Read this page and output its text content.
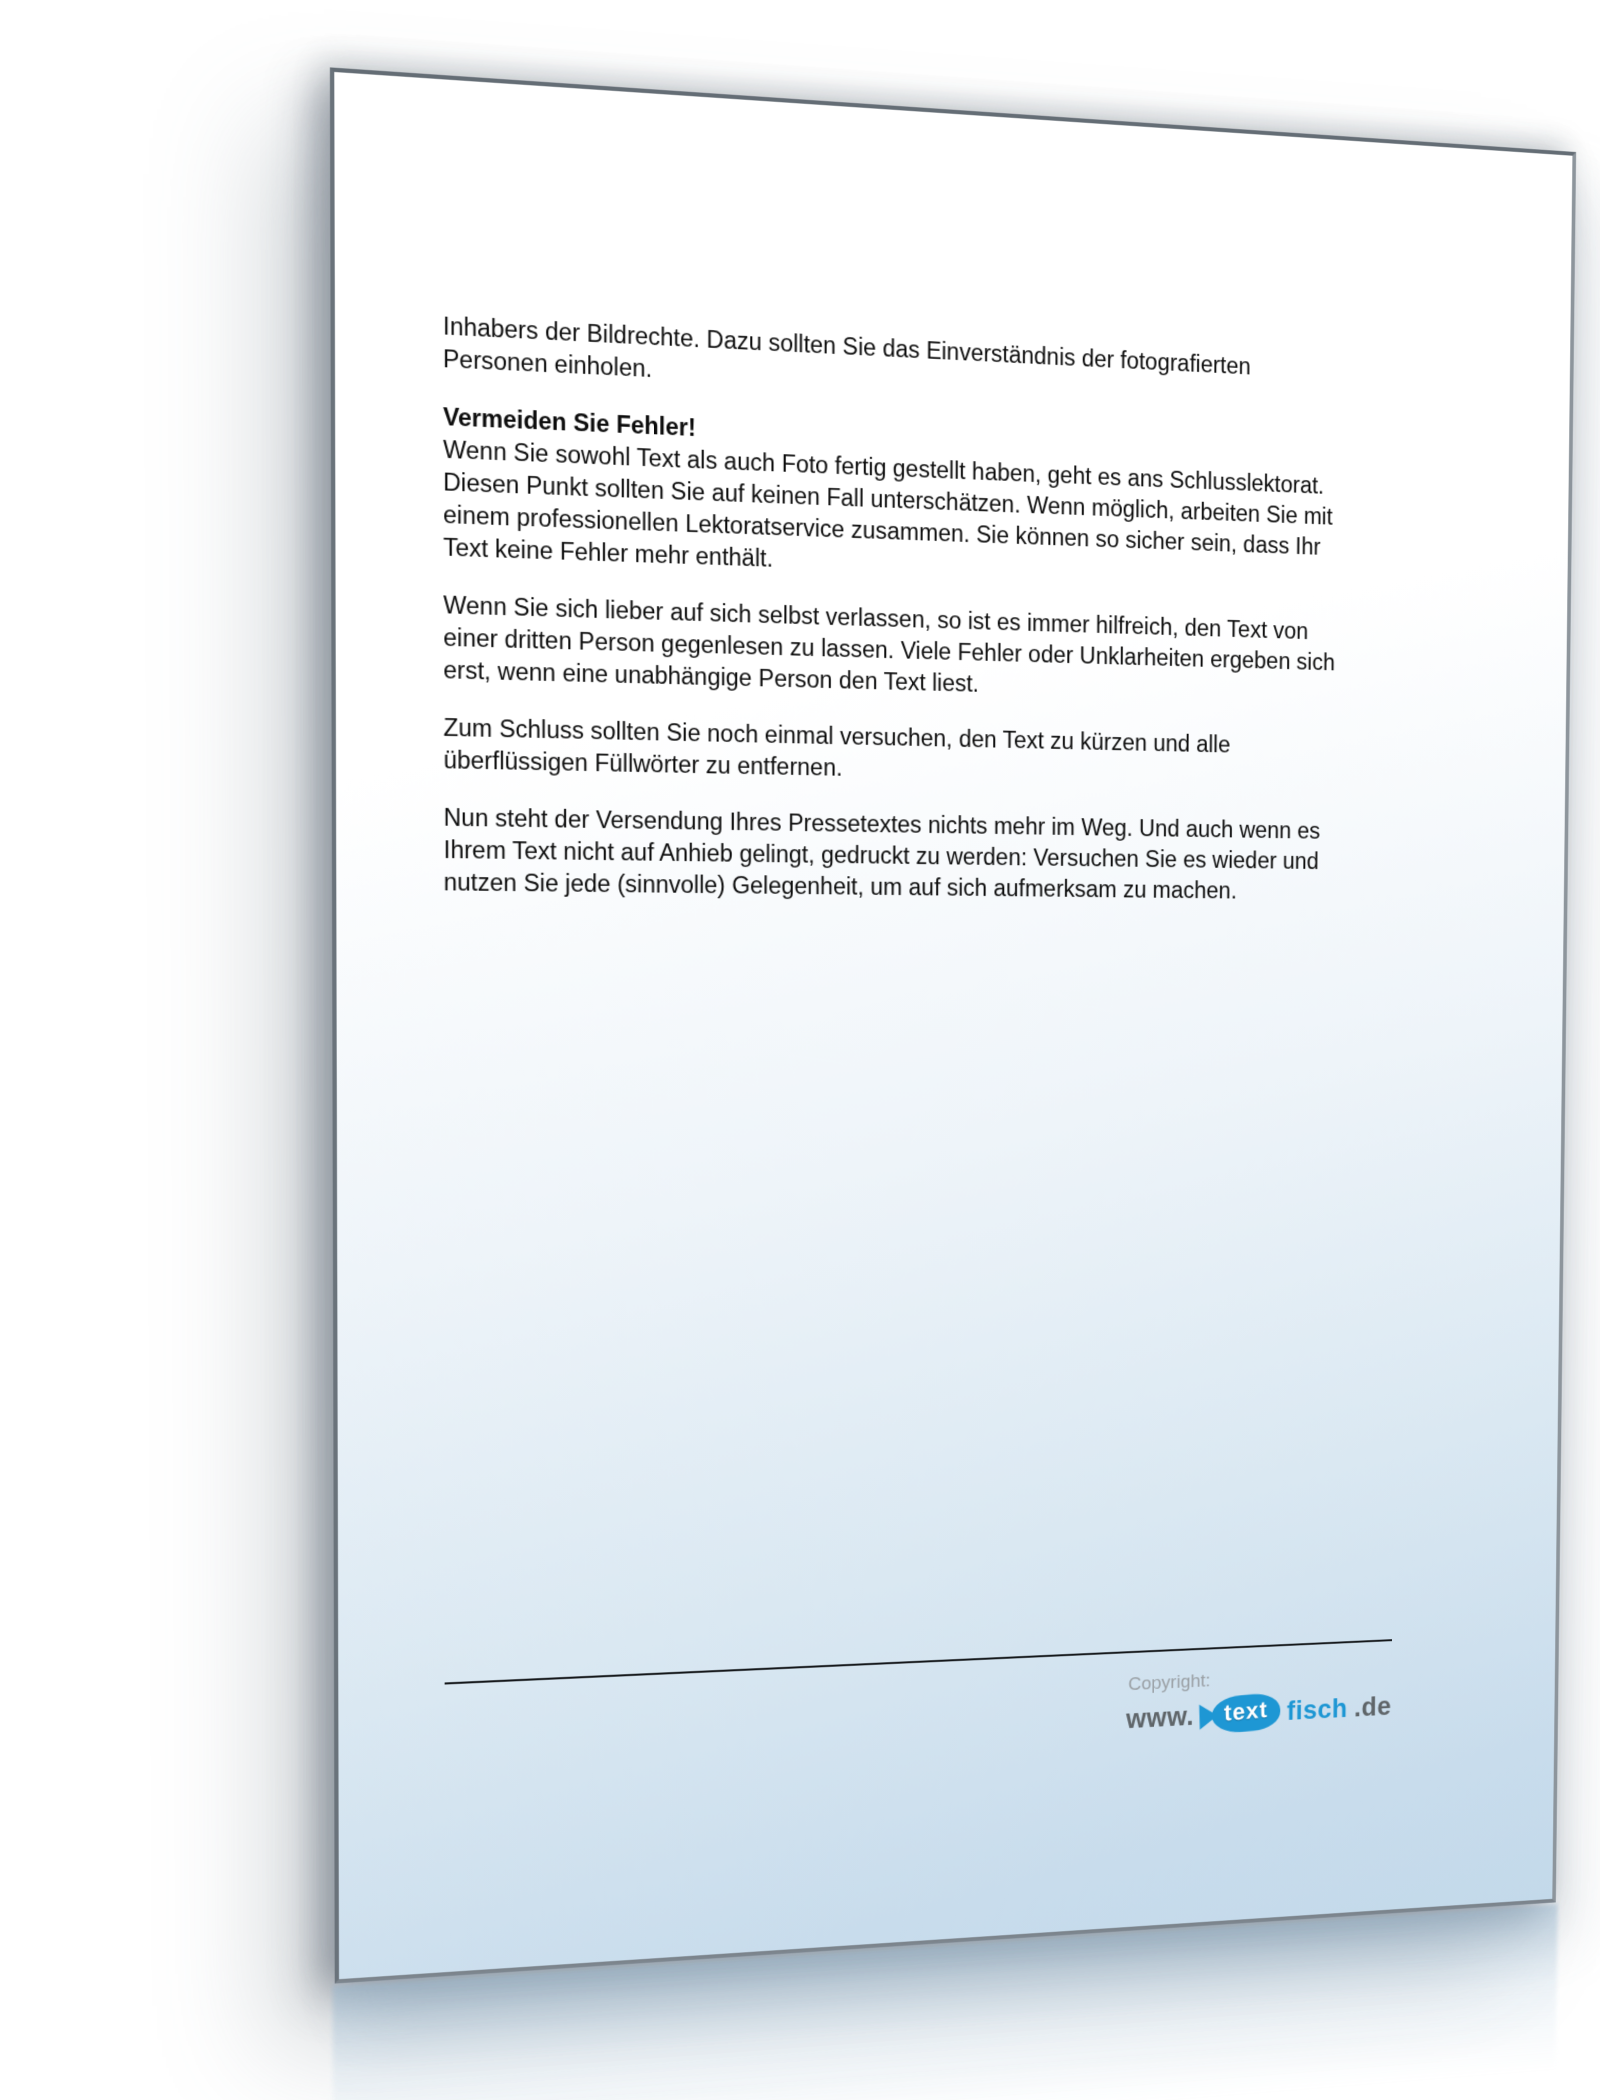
Inhabers der Bildrechte. Dazu sollten Sie das Einverständnis der fotografierten
Personen einholen.

Vermeiden Sie Fehler!

Wenn Sie sowohl Text als auch Foto fertig gestellt haben, geht es ans Schlusslektorat.
Diesen Punkt sollten Sie auf keinen Fall unterschätzen. Wenn möglich, arbeiten Sie mit
einem professionellen Lektoratservice zusammen. Sie können so sicher sein, dass Ihr
Text keine Fehler mehr enthält.

Wenn Sie sich lieber auf sich selbst verlassen, so ist es immer hilfreich, den Text von
einer dritten Person gegenlesen zu lassen. Viele Fehler oder Unklarheiten ergeben sich
erst, wenn eine unabhängige Person den Text liest.

Zum Schluss sollten Sie noch einmal versuchen, den Text zu kürzen und alle
überflüssigen Füllwörter zu entfernen.

Nun steht der Versendung Ihres Pressetextes nichts mehr im Weg. Und auch wenn es
Ihrem Text nicht auf Anhieb gelingt, gedruckt zu werden: Versuchen Sie es wieder und
nutzen Sie jede (sinnvolle) Gelegenheit, um auf sich aufmerksam zu machen.

Copyright:
www.	text fisch .de
